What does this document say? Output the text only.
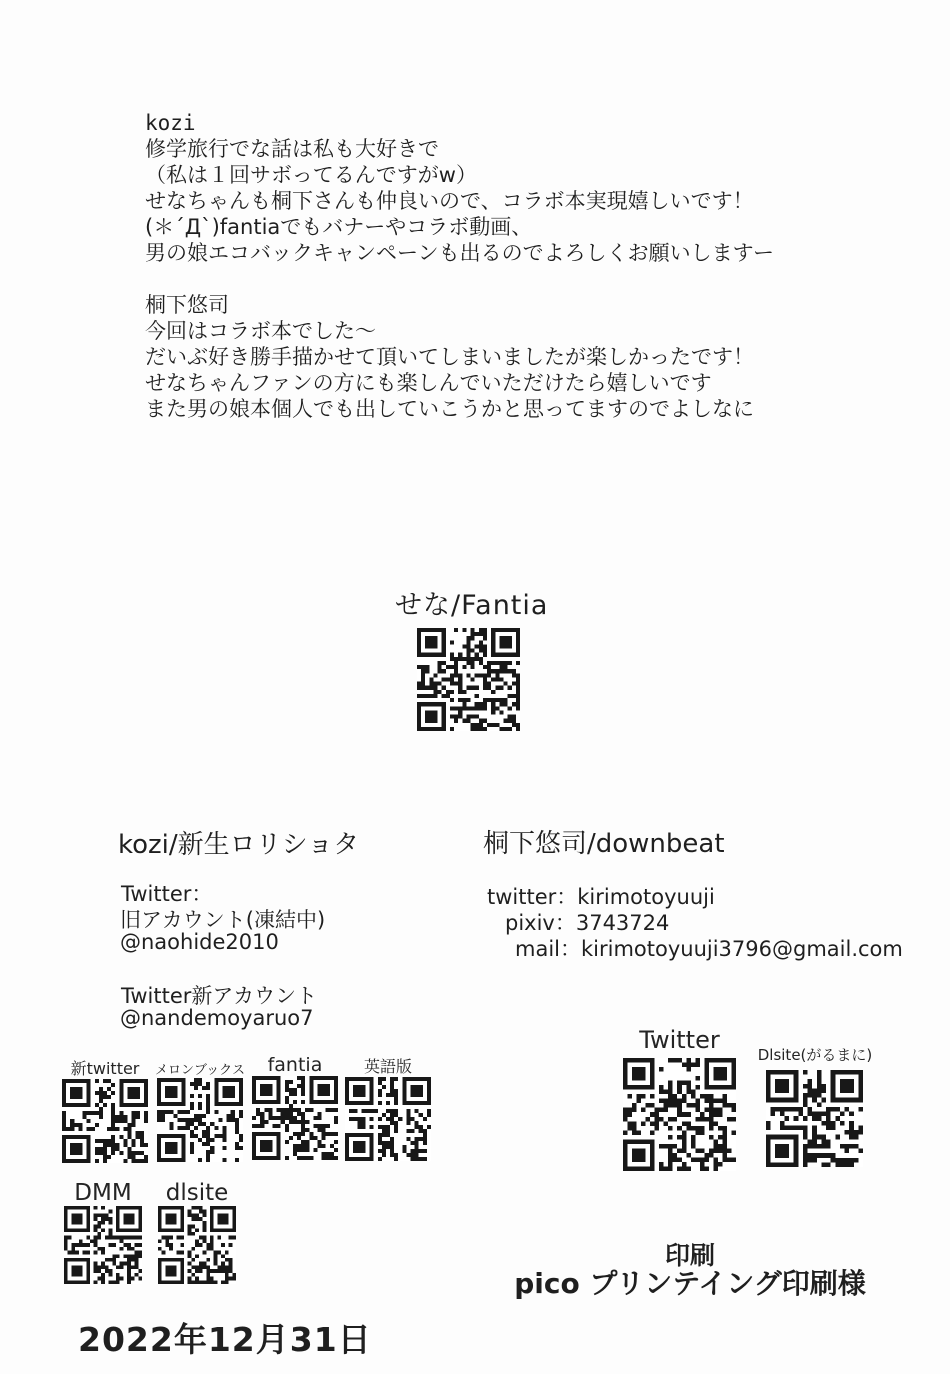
kozi
修学旅行でな話は私も大好きで
（私は１回サボってるんですがw）
せなちゃんも桐下さんも仲良いので、コラボ本実現嬉しいです！
(＊´Д`)fantiaでもバナーやコラボ動画、
男の娘エコバックキャンペーンも出るのでよろしくお願いしますー
桐下悠司
今回はコラボ本でした～
だいぶ好き勝手描かせて頂いてしまいましたが楽しかったです！
せなちゃんファンの方にも楽しんでいただけたら嬉しいです
また男の娘本個人でも出していこうかと思ってますのでよしなに
せな/Fantia
kozi/新生ロリショタ
Twitter：
旧アカウント(凍結中)
@naohide2010
Twitter新アカウント
@nandemoyaruo7
桐下悠司/downbeat
twitter：kirimotoyuuji
pixiv：3743724
mail：kirimotoyuuji3796@gmail.com
新twitter メロンブックス fantia	英語版
DMM dlsite
Twitter
Dlsite(がるまに)
印刷
pico プリンテイング印刷様
2022年12月31日
